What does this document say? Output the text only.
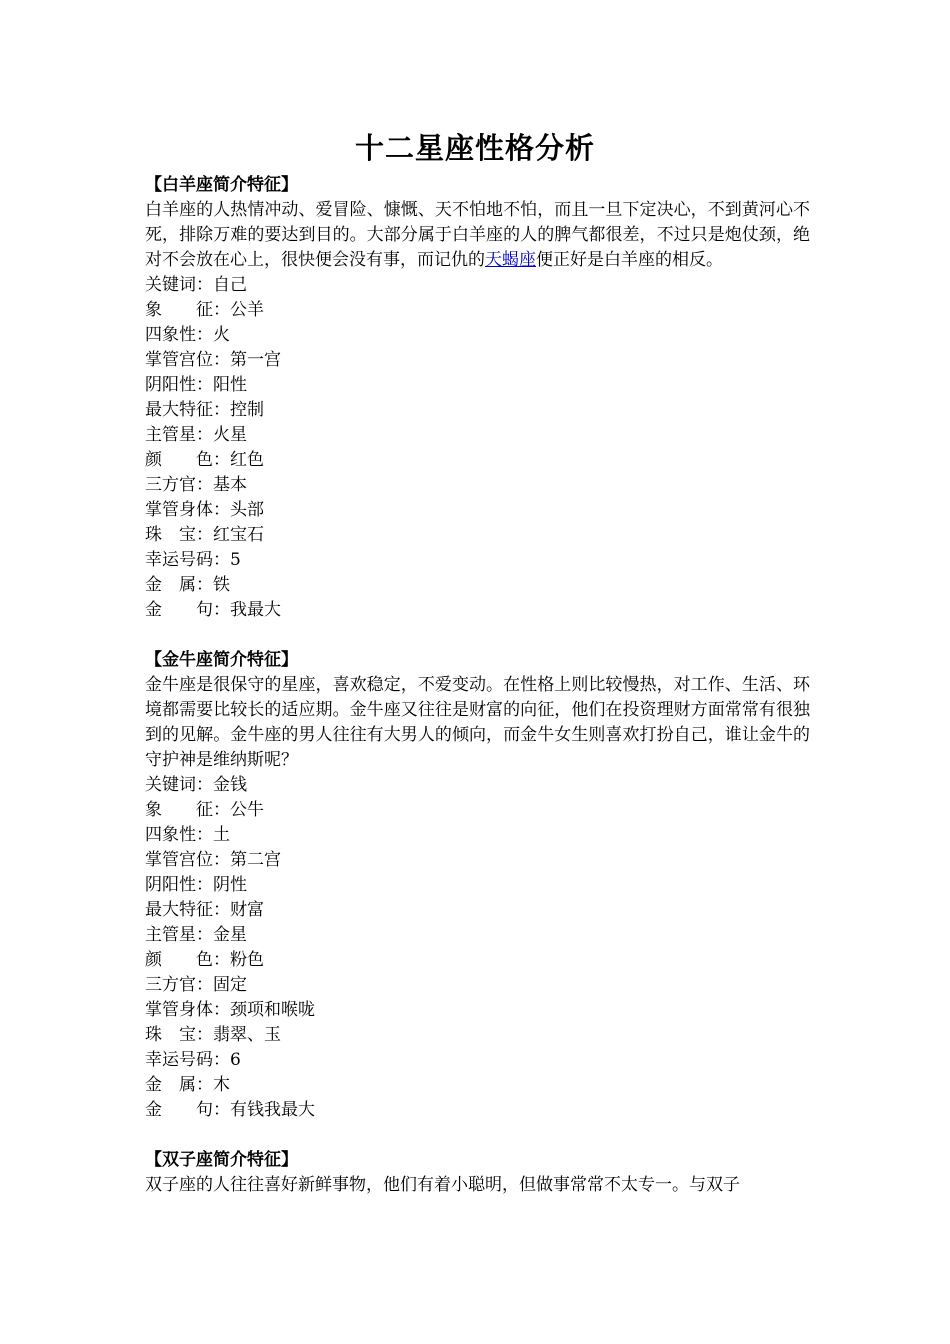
十二星座性格分析
【白羊座简介特征】

白羊座的人热情冲动、爱冒险、慷慨、天不怕地不怕，而且一旦下定决心，不到黄河心不死，排除万难的要达到目的。大部分属于白羊座的人的脾气都很差，不过只是炮仗颈，绝对不会放在心上，很快便会没有事，而记仇的天蝎座便正好是白羊座的相反。

关键词：自己
象　　征：公羊
四象性：火
掌管宫位：第一宫
阴阳性：阳性
最大特征：控制
主管星：火星
颜　　色：红色
三方官：基本
掌管身体：头部
珠　宝：红宝石
幸运号码：5
金　属：铁
金　　句：我最大
【金牛座简介特征】

金牛座是很保守的星座，喜欢稳定，不爱变动。在性格上则比较慢热，对工作、生活、环境都需要比较长的适应期。金牛座又往往是财富的向征，他们在投资理财方面常常有很独到的见解。金牛座的男人往往有大男人的倾向，而金牛女生则喜欢打扮自己，谁让金牛的守护神是维纳斯呢？

关键词：金钱
象　　征：公牛
四象性：土
掌管宫位：第二宫
阴阳性：阴性
最大特征：财富
主管星：金星
颜　　色：粉色
三方官：固定
掌管身体：颈项和喉咙
珠　宝：翡翠、玉
幸运号码：6
金　属：木
金　　句：有钱我最大
【双子座简介特征】

双子座的人往往喜好新鲜事物，他们有着小聪明，但做事常常不太专一。与双子
